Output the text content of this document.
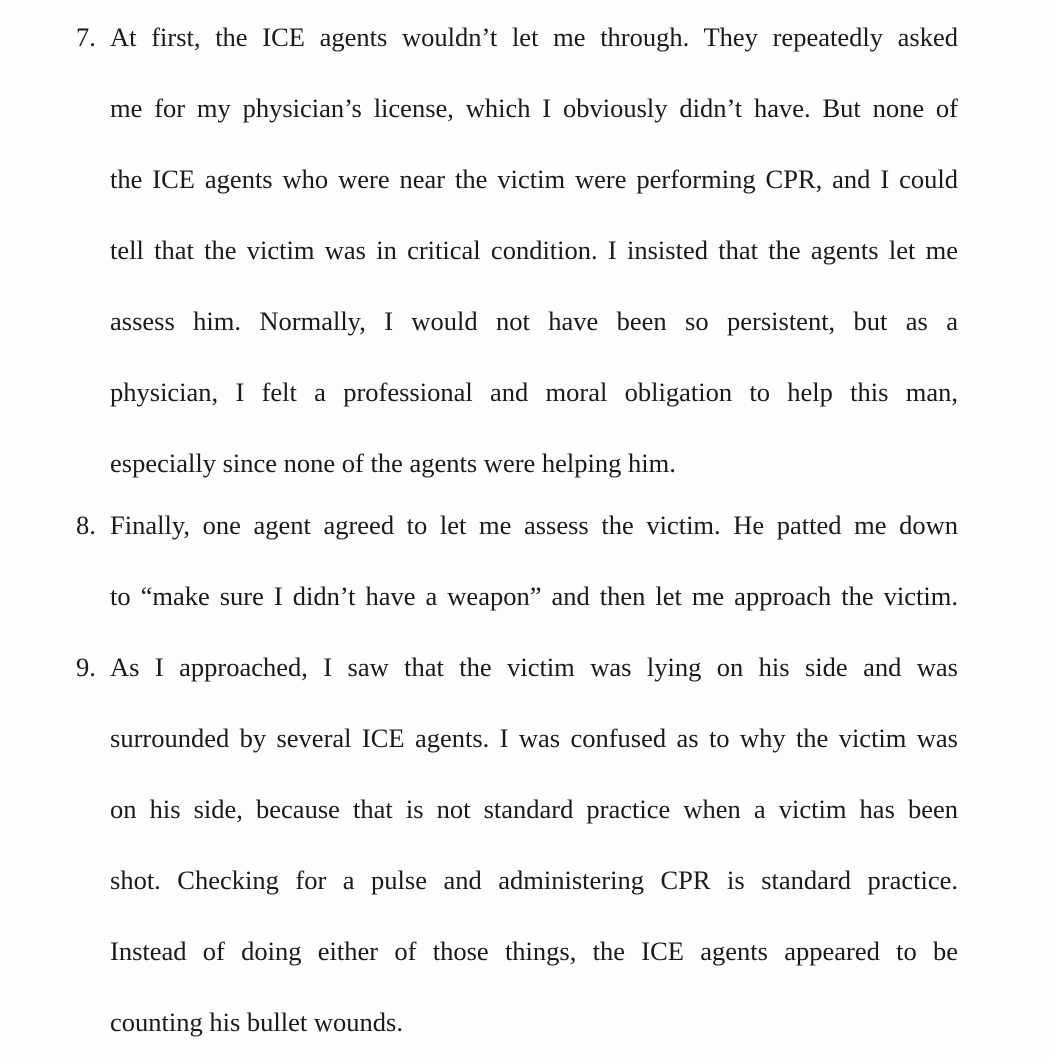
7. At first, the ICE agents wouldn’t let me through. They repeatedly asked
me for my physician’s license, which I obviously didn’t have. But none of
the ICE agents who were near the victim were performing CPR, and I could
tell that the victim was in critical condition. I insisted that the agents let me
assess him. Normally, I would not have been so persistent, but as a
physician, I felt a professional and moral obligation to help this man,
especially since none of the agents were helping him.
8. Finally, one agent agreed to let me assess the victim. He patted me down
to “make sure I didn’t have a weapon” and then let me approach the victim.
9. As I approached, I saw that the victim was lying on his side and was
surrounded by several ICE agents. I was confused as to why the victim was
on his side, because that is not standard practice when a victim has been
shot. Checking for a pulse and administering CPR is standard practice.
Instead of doing either of those things, the ICE agents appeared to be
counting his bullet wounds.
